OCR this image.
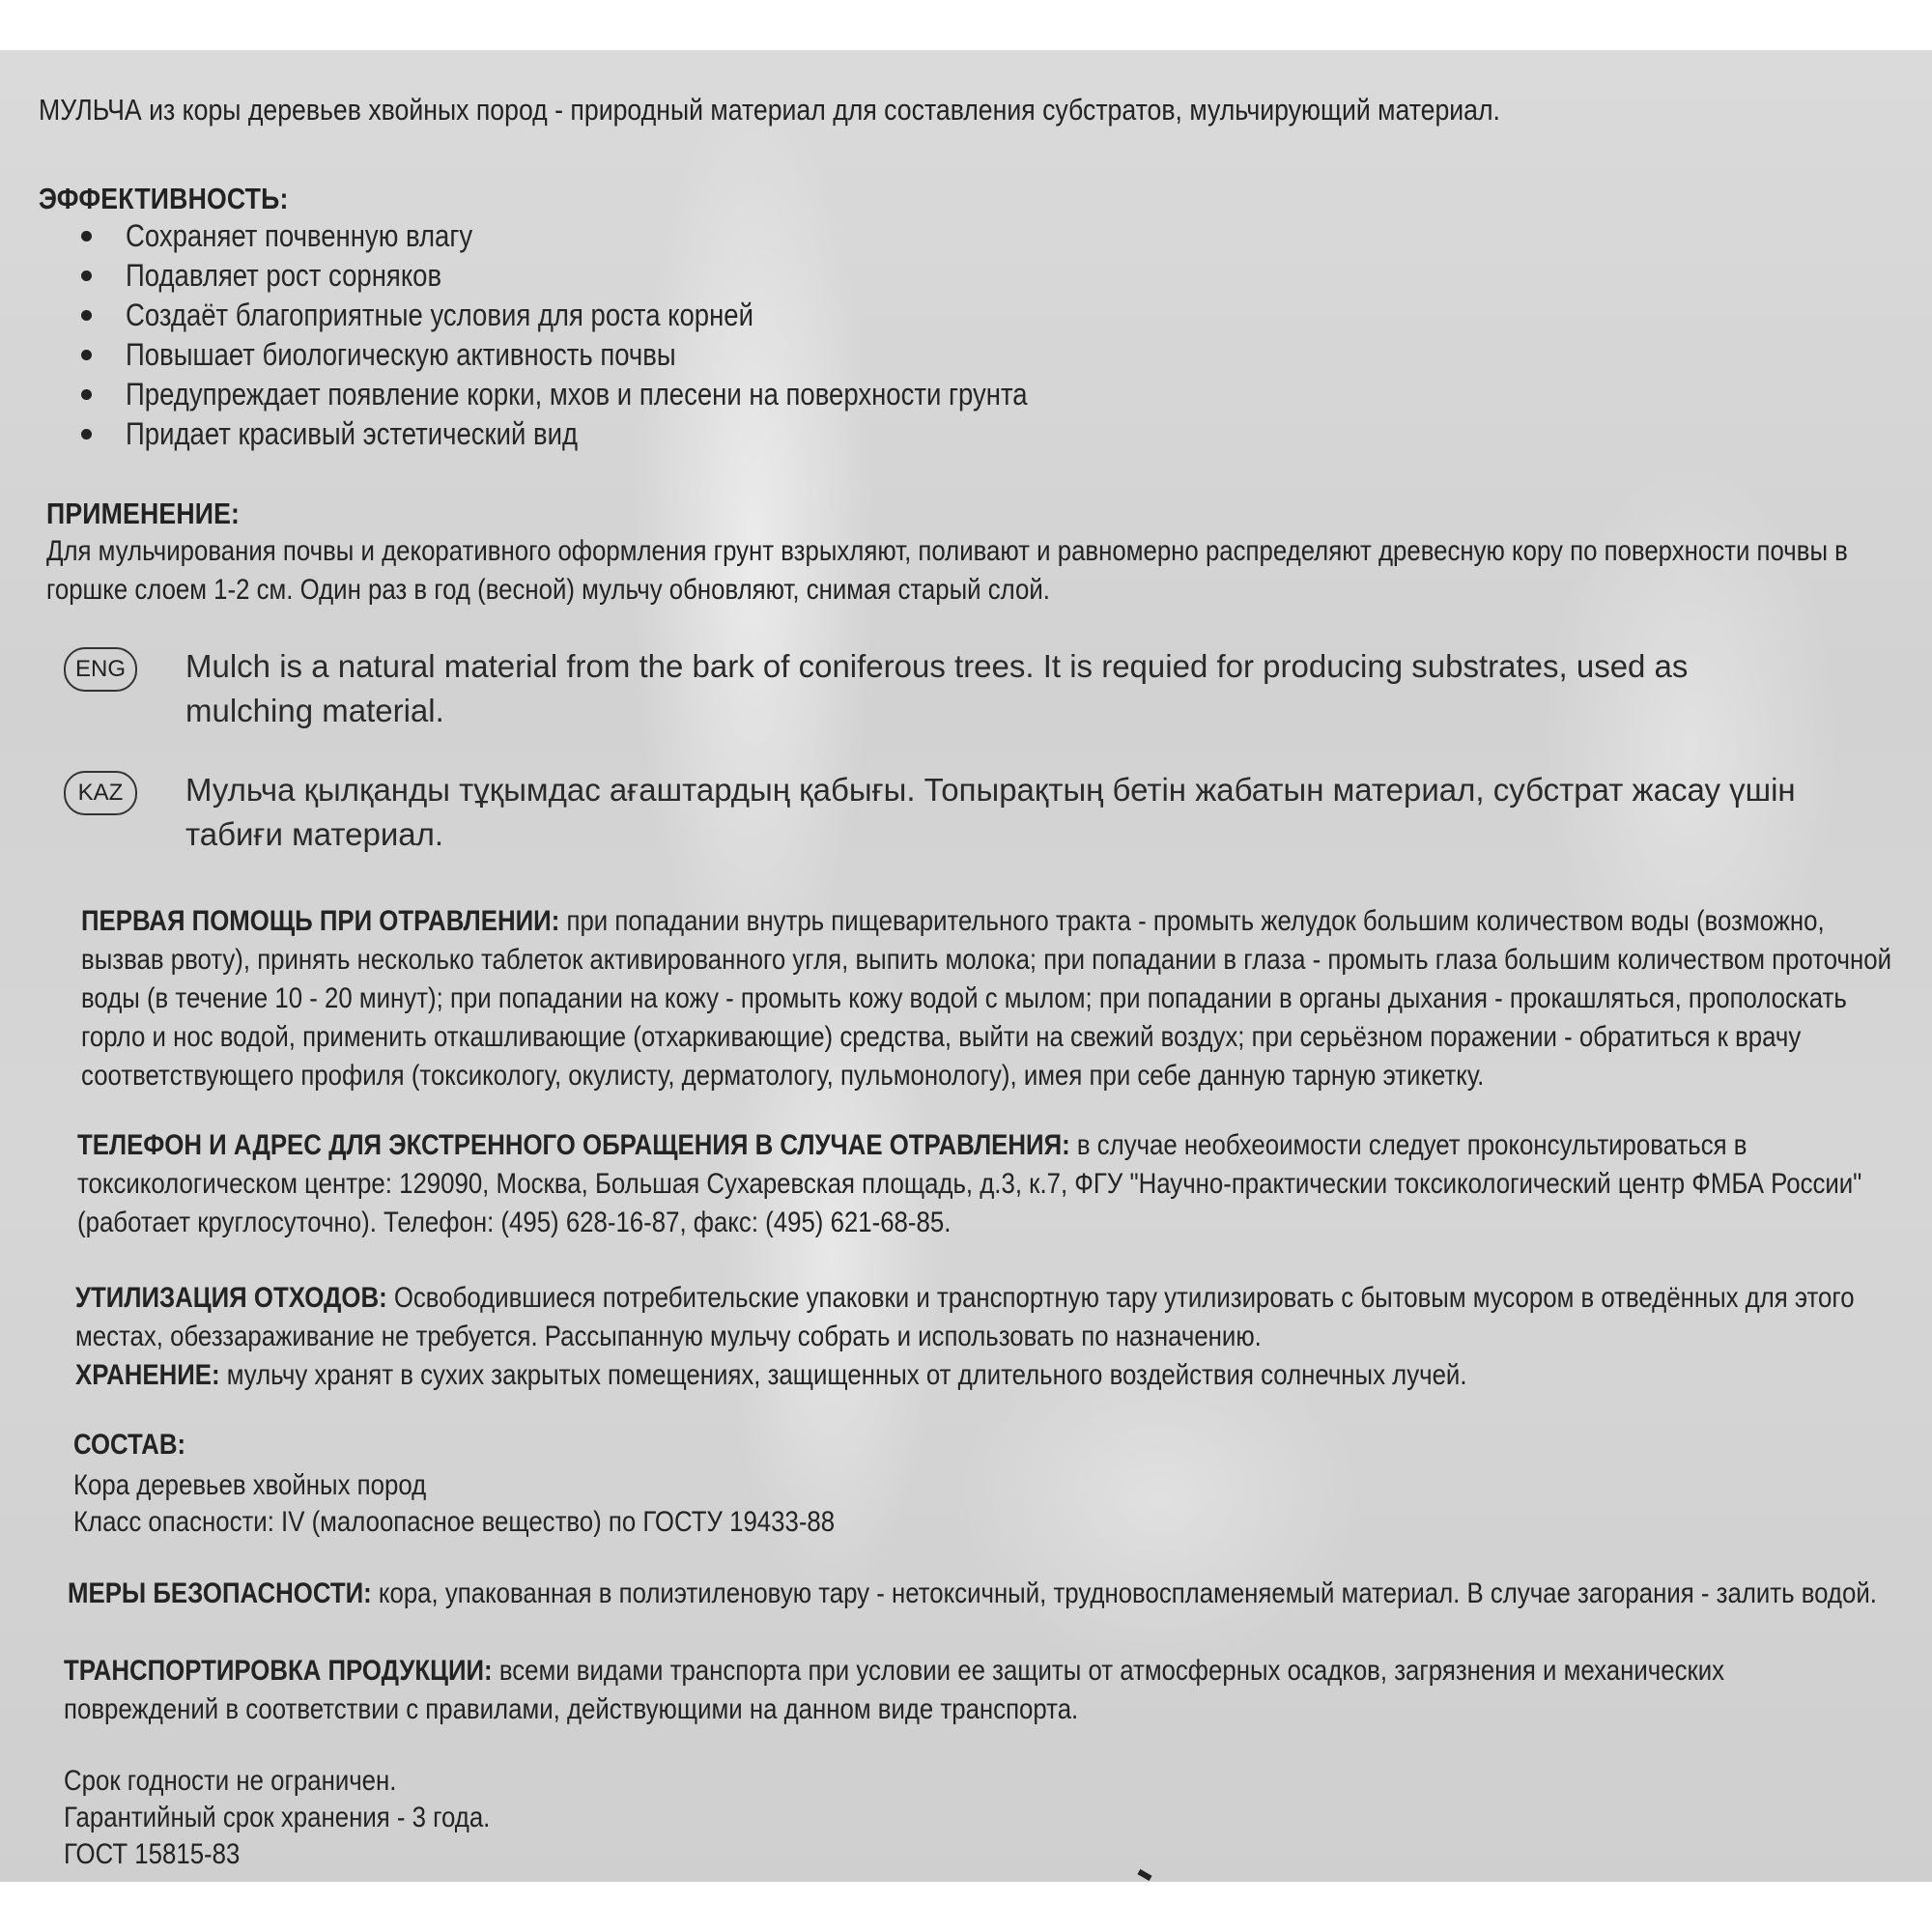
МУЛЬЧА из коры деревьев хвойных пород - природный материал для составления субстратов, мульчирующий материал.

ЭФФЕКТИВНОСТЬ:

Сохраняет почвенную влагу
Подавляет рост сорняков
Создаёт благоприятные условия для роста корней
Повышает биологическую активность почвы
Предупреждает появление корки, мхов и плесени на поверхности грунта
Придает красивый эстетический вид

ПРИМЕНЕНИЕ:

Для мульчирования почвы и декоративного оформления грунт взрыхляют, поливают и равномерно распределяют древесную кору по поверхности почвы в

горшке слоем 1-2 см. Один раз в год (весной) мульчу обновляют, снимая старый слой.

ENG	Mulch is a natural material from the bark of coniferous trees. It is requied for producing substrates, used as

mulching material.

KAZ	Мульча қылқанды тұқымдас ағаштардың қабығы. Топырақтың бетін жабатын материал, субстрат жасау үшін

табиғи материал.

ПЕРВАЯ ПОМОЩЬ ПРИ ОТРАВЛЕНИИ: при попадании внутрь пищеварительного тракта - промыть желудок большим количеством воды (возможно,

вызвав рвоту), принять несколько таблеток активированного угля, выпить молока; при попадании в глаза - промыть глаза большим количеством проточной

воды (в течение 10 - 20 минут); при попадании на кожу - промыть кожу водой с мылом; при попадании в органы дыхания - прокашляться, прополоскать

горло и нос водой, применить откашливающие (отхаркивающие) средства, выйти на свежий воздух; при серьёзном поражении - обратиться к врачу

соответствующего профиля (токсикологу, окулисту, дерматологу, пульмонологу), имея при себе данную тарную этикетку.

ТЕЛЕФОН И АДРЕС ДЛЯ ЭКСТРЕННОГО ОБРАЩЕНИЯ В СЛУЧАЕ ОТРАВЛЕНИЯ: в случае необхеоимости следует проконсультироваться в

токсикологическом центре: 129090, Москва, Большая Сухаревская площадь, д.3, к.7, ФГУ "Научно-практическии токсикологический центр ФМБА России"

(работает круглосуточно). Телефон: (495) 628-16-87, факс: (495) 621-68-85.

УТИЛИЗАЦИЯ ОТХОДОВ: Освободившиеся потребительские упаковки и транспортную тару утилизировать с бытовым мусором в отведённых для этого

местах, обеззараживание не требуется. Рассыпанную мульчу собрать и использовать по назначению.

ХРАНЕНИЕ: мульчу хранят в сухих закрытых помещениях, защищенных от длительного воздействия солнечных лучей.

СОСТАВ:

Кора деревьев хвойных пород

Класс опасности: IV (малоопасное вещество) по ГОСТУ 19433-88

МЕРЫ БЕЗОПАСНОСТИ: кора, упакованная в полиэтиленовую тару - нетоксичный, трудновоспламеняемый материал. В случае загорания - залить водой.

ТРАНСПОРТИРОВКА ПРОДУКЦИИ: всеми видами транспорта при условии ее защиты от атмосферных осадков, загрязнения и механических

повреждений в соответствии с правилами, действующими на данном виде транспорта.

Срок годности не ограничен.

Гарантийный срок хранения - 3 года.

ГОСТ 15815-83
